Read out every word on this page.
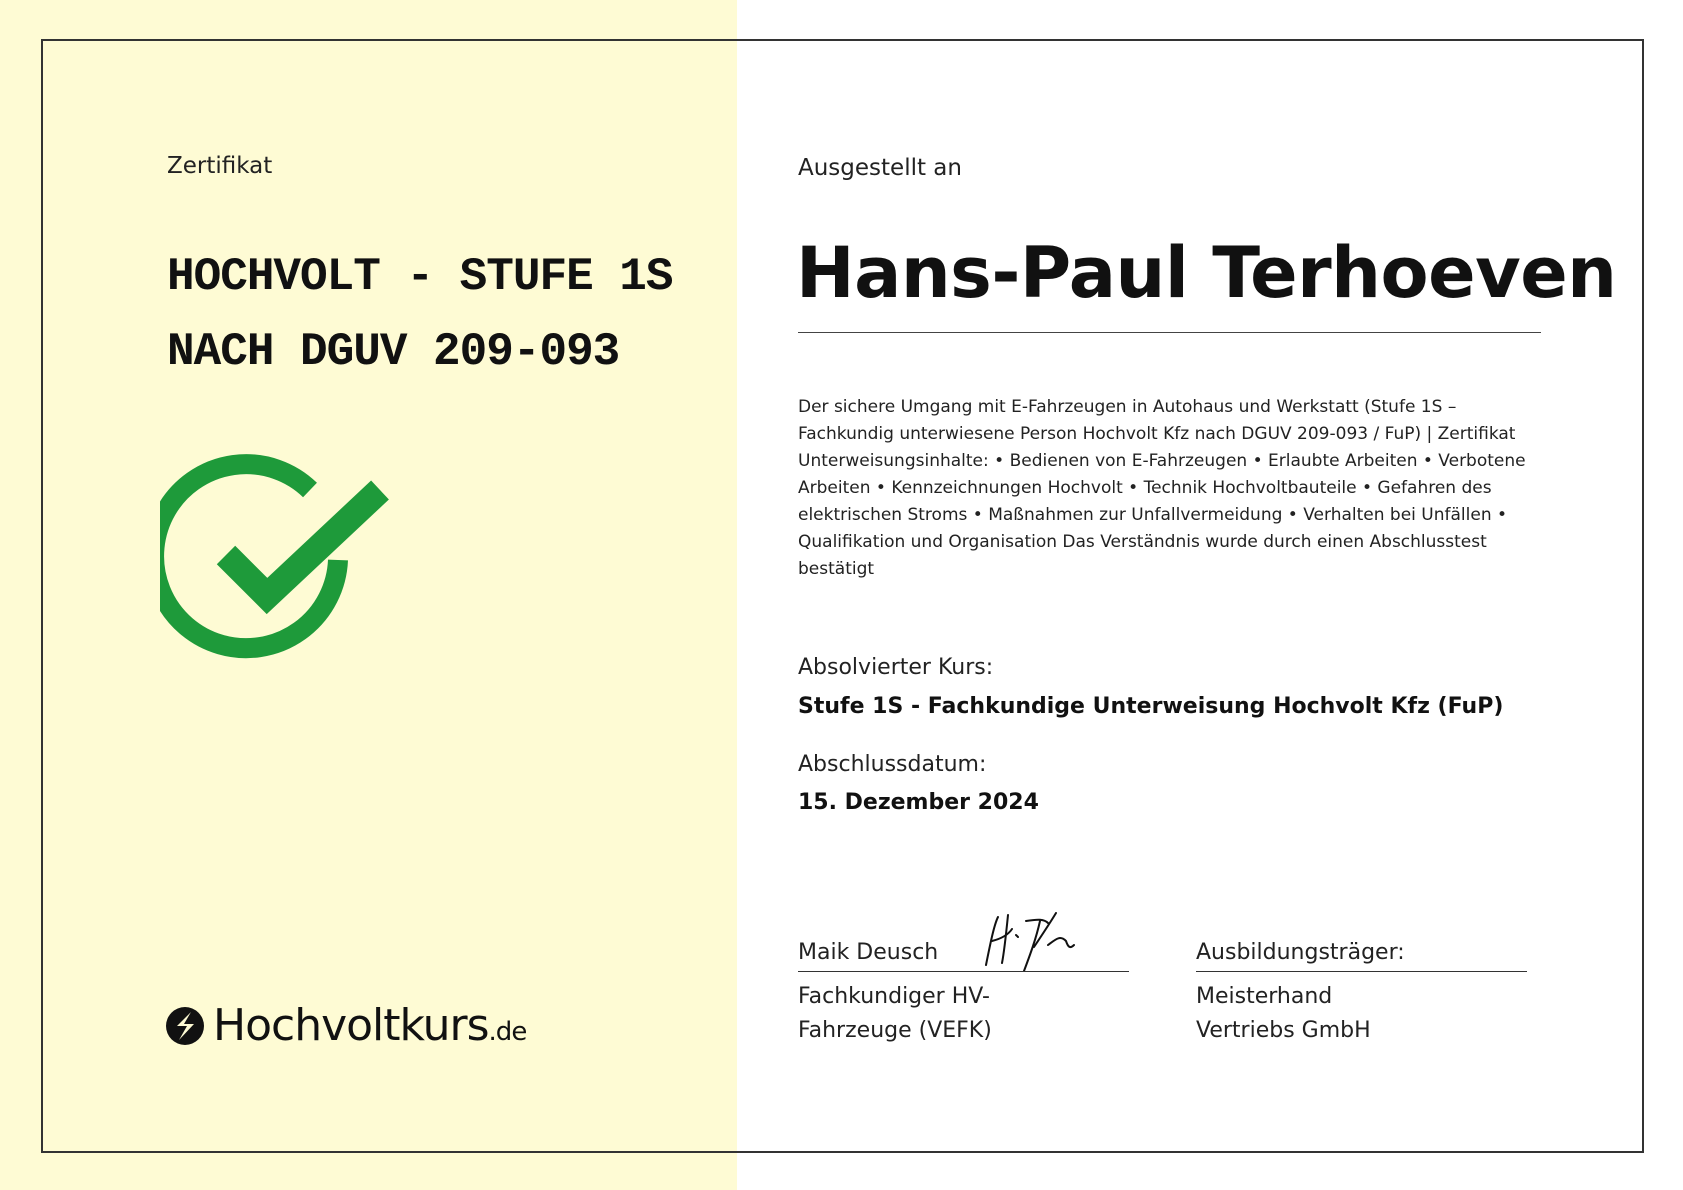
Zertifikat
HOCHVOLT - STUFE 1S NACH DGUV 209-093
Hochvoltkurs.de
Ausgestellt an
Hans-Paul Terhoeven
Der sichere Umgang mit E-Fahrzeugen in Autohaus und Werkstatt (Stufe 1S – Fachkundig unterwiesene Person Hochvolt Kfz nach DGUV 209-093 / FuP) | Zertifikat Unterweisungsinhalte: • Bedienen von E-Fahrzeugen • Erlaubte Arbeiten • Verbotene Arbeiten • Kennzeichnungen Hochvolt • Technik Hochvoltbauteile • Gefahren des elektrischen Stroms • Maßnahmen zur Unfallvermeidung • Verhalten bei Unfällen • Qualifikation und Organisation Das Verständnis wurde durch einen Abschlusstest bestätigt
Absolvierter Kurs:
Stufe 1S - Fachkundige Unterweisung Hochvolt Kfz (FuP)
Abschlussdatum:
15. Dezember 2024
Maik Deusch
Fachkundiger HV-Fahrzeuge (VEFK)
Ausbildungsträger:
Meisterhand Vertriebs GmbH
